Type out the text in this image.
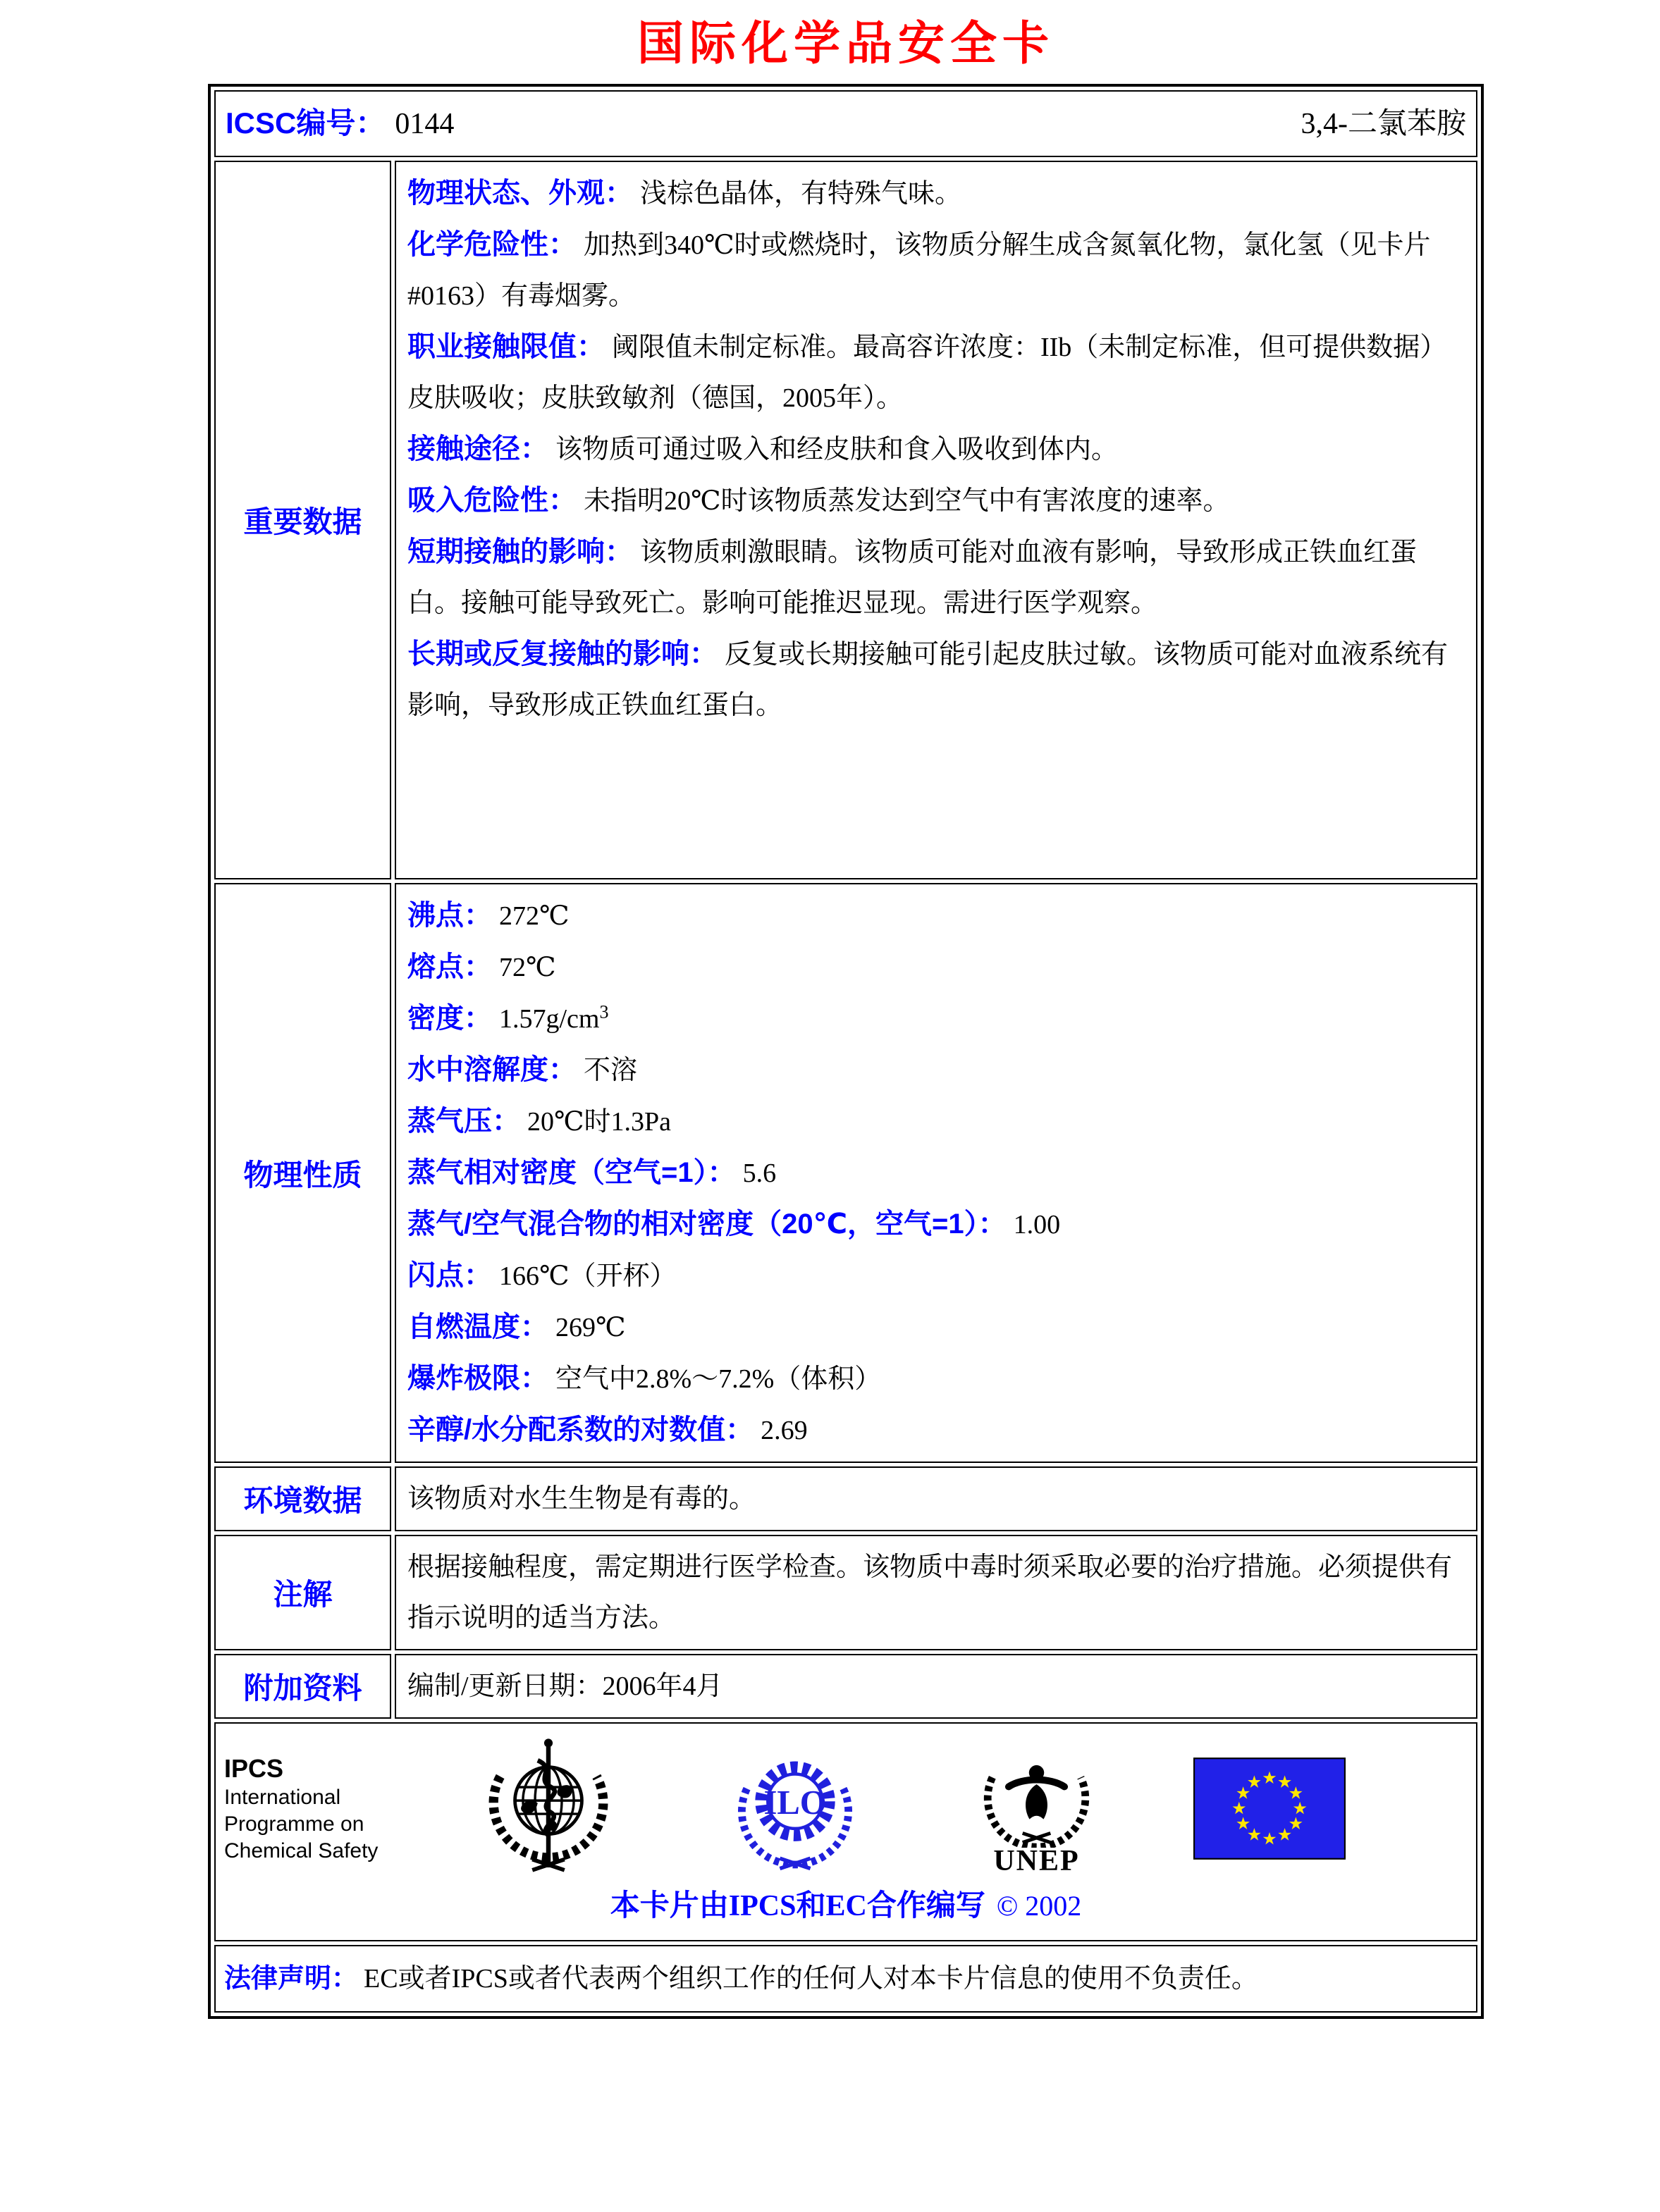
国际化学品安全卡
ICSC编号： 0144 3,4-二氯苯胺	

重要数据	
物理状态、外观： 浅棕色晶体，有特殊气味。
化学危险性： 加热到340℃时或燃烧时，该物质分解生成含氮氧化物，氯化氢（见卡片#0163）有毒烟雾。
职业接触限值： 阈限值未制定标准。最高容许浓度：IIb（未制定标准，但可提供数据）皮肤吸收；皮肤致敏剂（德国，2005年）。
接触途径： 该物质可通过吸入和经皮肤和食入吸收到体内。
吸入危险性： 未指明20℃时该物质蒸发达到空气中有害浓度的速率。
短期接触的影响： 该物质刺激眼睛。该物质可能对血液有影响，导致形成正铁血红蛋白。接触可能导致死亡。影响可能推迟显现。需进行医学观察。
长期或反复接触的影响： 反复或长期接触可能引起皮肤过敏。该物质可能对血液系统有影响，导致形成正铁血红蛋白。

物理性质	
沸点： 272℃
熔点： 72℃
密度： $1.57g/cm^3$
水中溶解度： 不溶
蒸气压： 20℃时1.3Pa
蒸气相对密度（空气=1）： 5.6
蒸气/空气混合物的相对密度（20℃，空气=1）： 1.00
闪点： 166℃（开杯）
自燃温度： 269℃
爆炸极限： 空气中2.8%～7.2%（体积）
辛醇/水分配系数的对数值： 2.69

环境数据	该物质对水生生物是有毒的。
注解	根据接触程度，需定期进行医学检查。该物质中毒时须采取必要的治疗措施。必须提供有指示说明的适当方法。
附加资料	编制/更新日期：2006年4月

IPCS
International
Programme on
Chemical Safety
ILO
UNEP
本卡片由IPCS和EC合作编写 © 2002

法律声明： EC或者IPCS或者代表两个组织工作的任何人对本卡片信息的使用不负责任。	
